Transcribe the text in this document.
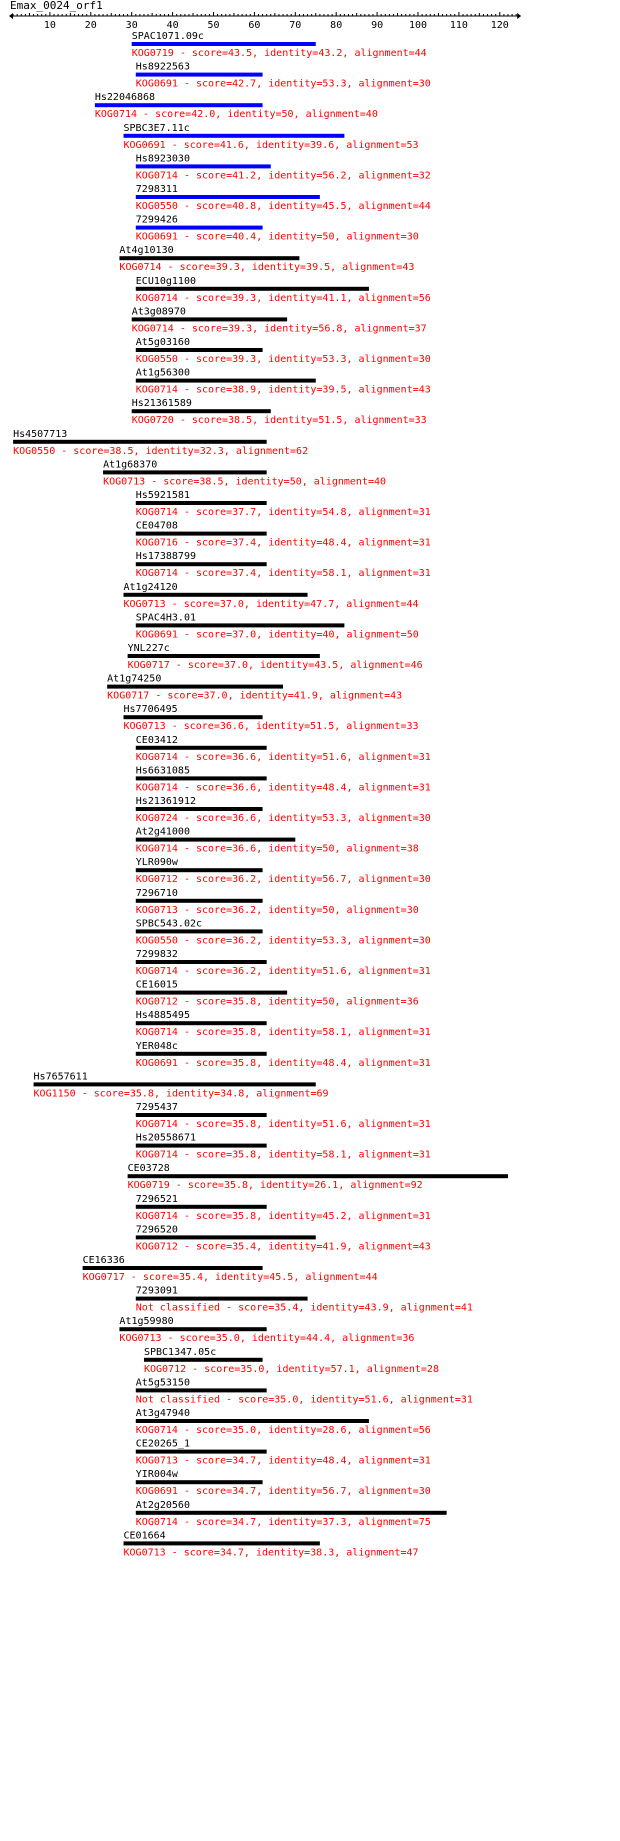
Emax_0024_orf1
10	20	30	40	50	60	70	80	90	100 110 120
SPAC1071.09c
KOG0719 - score=43.5, identity=43.2, alignment=44
Hs8922563
KOG0691 - score=42.7, identity=53.3, alignment=30
Hs22046868
KOG0714 - score=42.0, identity=50, alignment=40
SPBC3E7.11c
KOG0691 - score=41.6, identity=39.6, alignment=53
Hs8923030
KOG0714 - score=41.2, identity=56.2, alignment=32
7298311
KOG0550 - score=40.8, identity=45.5, alignment=44
7299426
KOG0691 - score=40.4, identity=50, alignment=30
At4g10130
KOG0714 - score=39.3, identity=39.5, alignment=43
ECU10g1100
KOG0714 - score=39.3, identity=41.1, alignment=56
At3g08970
KOG0714 - score=39.3, identity=56.8, alignment=37
At5g03160
KOG0550 - score=39.3, identity=53.3, alignment=30
At1g56300
KOG0714 - score=38.9, identity=39.5, alignment=43
Hs21361589
KOG0720 - score=38.5, identity=51.5, alignment=33
Hs4507713
KOG0550 - score=38.5, identity=32.3, alignment=62
At1g68370
KOG0713 - score=38.5, identity=50, alignment=40
Hs5921581
KOG0714 - score=37.7, identity=54.8, alignment=31
CE04708
KOG0716 - score=37.4, identity=48.4, alignment=31
Hs17388799
KOG0714 - score=37.4, identity=58.1, alignment=31
At1g24120
KOG0713 - score=37.0, identity=47.7, alignment=44
SPAC4H3.01
KOG0691 - score=37.0, identity=40, alignment=50
YNL227c
KOG0717 - score=37.0, identity=43.5, alignment=46
At1g74250
KOG0717 - score=37.0, identity=41.9, alignment=43
Hs7706495
KOG0713 - score=36.6, identity=51.5, alignment=33
CE03412
KOG0714 - score=36.6, identity=51.6, alignment=31
Hs6631085
KOG0714 - score=36.6, identity=48.4, alignment=31
Hs21361912
KOG0724 - score=36.6, identity=53.3, alignment=30
At2g41000
KOG0714 - score=36.6, identity=50, alignment=38
YLR090w
KOG0712 - score=36.2, identity=56.7, alignment=30
7296710
KOG0713 - score=36.2, identity=50, alignment=30
SPBC543.02c
KOG0550 - score=36.2, identity=53.3, alignment=30
7299832
KOG0714 - score=36.2, identity=51.6, alignment=31
CE16015
KOG0712 - score=35.8, identity=50, alignment=36
Hs4885495
KOG0714 - score=35.8, identity=58.1, alignment=31
YER048c
KOG0691 - score=35.8, identity=48.4, alignment=31
Hs7657611
KOG1150 - score=35.8, identity=34.8, alignment=69
7295437
KOG0714 - score=35.8, identity=51.6, alignment=31
Hs20558671
KOG0714 - score=35.8, identity=58.1, alignment=31
CE03728
KOG0719 - score=35.8, identity=26.1, alignment=92
7296521
KOG0714 - score=35.8, identity=45.2, alignment=31
7296520
KOG0712 - score=35.4, identity=41.9, alignment=43
CE16336
KOG0717 - score=35.4, identity=45.5, alignment=44
7293091
Not classified - score=35.4, identity=43.9, alignment=41
At1g59980
KOG0713 - score=35.0, identity=44.4, alignment=36
SPBC1347.05c
KOG0712 - score=35.0, identity=57.1, alignment=28
At5g53150
Not classified - score=35.0, identity=51.6, alignment=31
At3g47940
KOG0714 - score=35.0, identity=28.6, alignment=56
CE20265_1
KOG0713 - score=34.7, identity=48.4, alignment=31
YIR004w
KOG0691 - score=34.7, identity=56.7, alignment=30
At2g20560
KOG0714 - score=34.7, identity=37.3, alignment=75
CE01664
KOG0713 - score=34.7, identity=38.3, alignment=47
